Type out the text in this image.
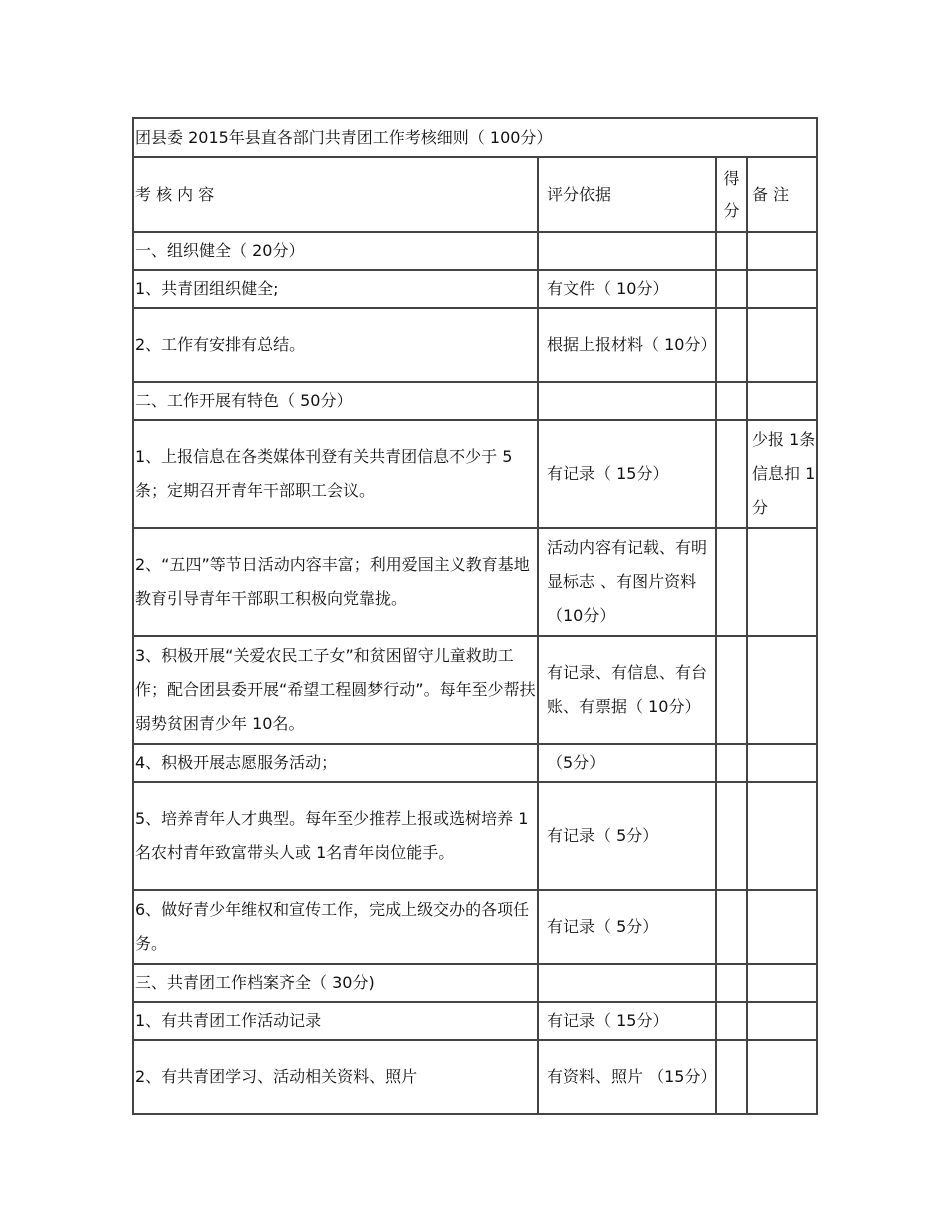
团县委 2015年县直各部门共青团工作考核细则（ 100分）			
考 核 内 容	评分依据	得分	备 注
一、组织健全（ 20分）			
1、共青团组织健全;	有文件（ 10分）		
2、工作有安排有总结。	根据上报材料（ 10分）		
二、工作开展有特色（ 50分）			
1、上报信息在各类媒体刊登有关共青团信息不少于 5条；定期召开青年干部职工会议。	有记录（ 15分）		少报 1条信息扣 1分
2、“五四”等节日活动内容丰富；利用爱国主义教育基地教育引导青年干部职工积极向党靠拢。	活动内容有记载、有明显标志 、有图片资料（10分）		
3、积极开展“关爱农民工子女”和贫困留守儿童救助工作；配合团县委开展“希望工程圆梦行动”。每年至少帮扶弱势贫困青少年 10名。	有记录、有信息、有台账、有票据（ 10分）		
4、积极开展志愿服务活动；	（5分）		
5、培养青年人才典型。每年至少推荐上报或选树培养 1名农村青年致富带头人或 1名青年岗位能手。	有记录（ 5分）		
6、做好青少年维权和宣传工作，完成上级交办的各项任务。	有记录（ 5分）		
三、共青团工作档案齐全（ 30分)			
1、有共青团工作活动记录	有记录（ 15分）		
2、有共青团学习、活动相关资料、照片	有资料、照片 （15分）		
